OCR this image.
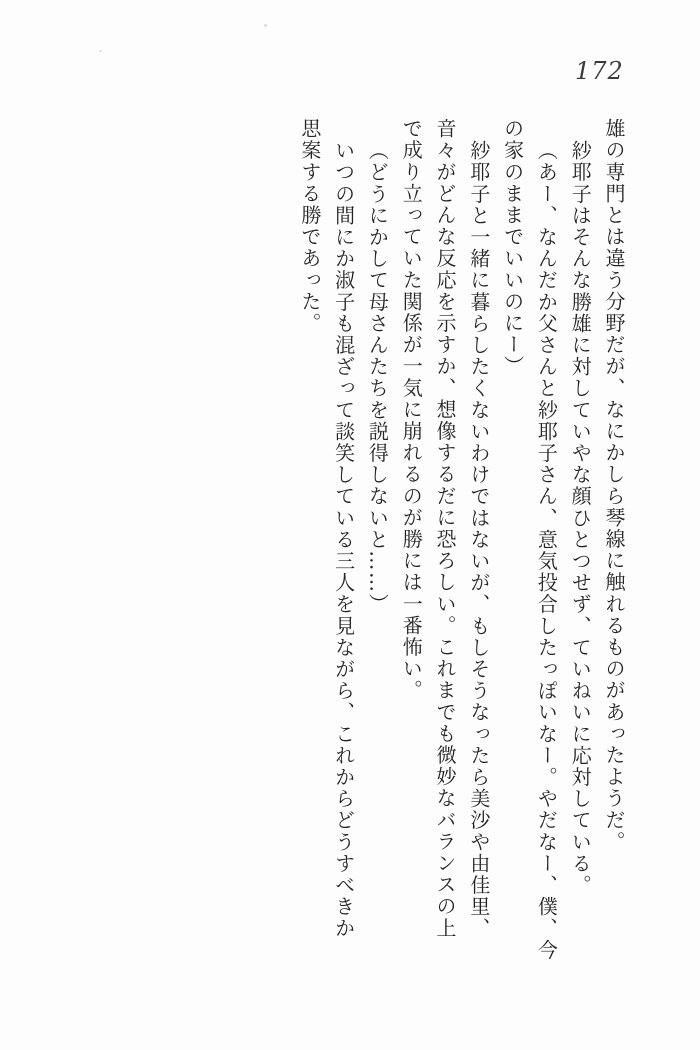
172
雄の専門とは違う分野だが、なにかしら琴線に触れるものがあったようだ。
紗耶子はそんな勝雄に対していやな顔ひとつせず、ていねいに応対している。
（あー、なんだか父さんと紗耶子さん、意気投合したっぽいなー。やだなー、僕、今
の家のままでいいのにー）
紗耶子と一緒に暮らしたくないわけではないが、もしそうなったら美沙や由佳里、
音々がどんな反応を示すか、想像するだに恐ろしい。これまでも微妙なバランスの上
で成り立っていた関係が一気に崩れるのが勝には一番怖い。
（どうにかして母さんたちを説得しないと……）
いつの間にか淑子も混ざって談笑している三人を見ながら、これからどうすべきか
思案する勝であった。
